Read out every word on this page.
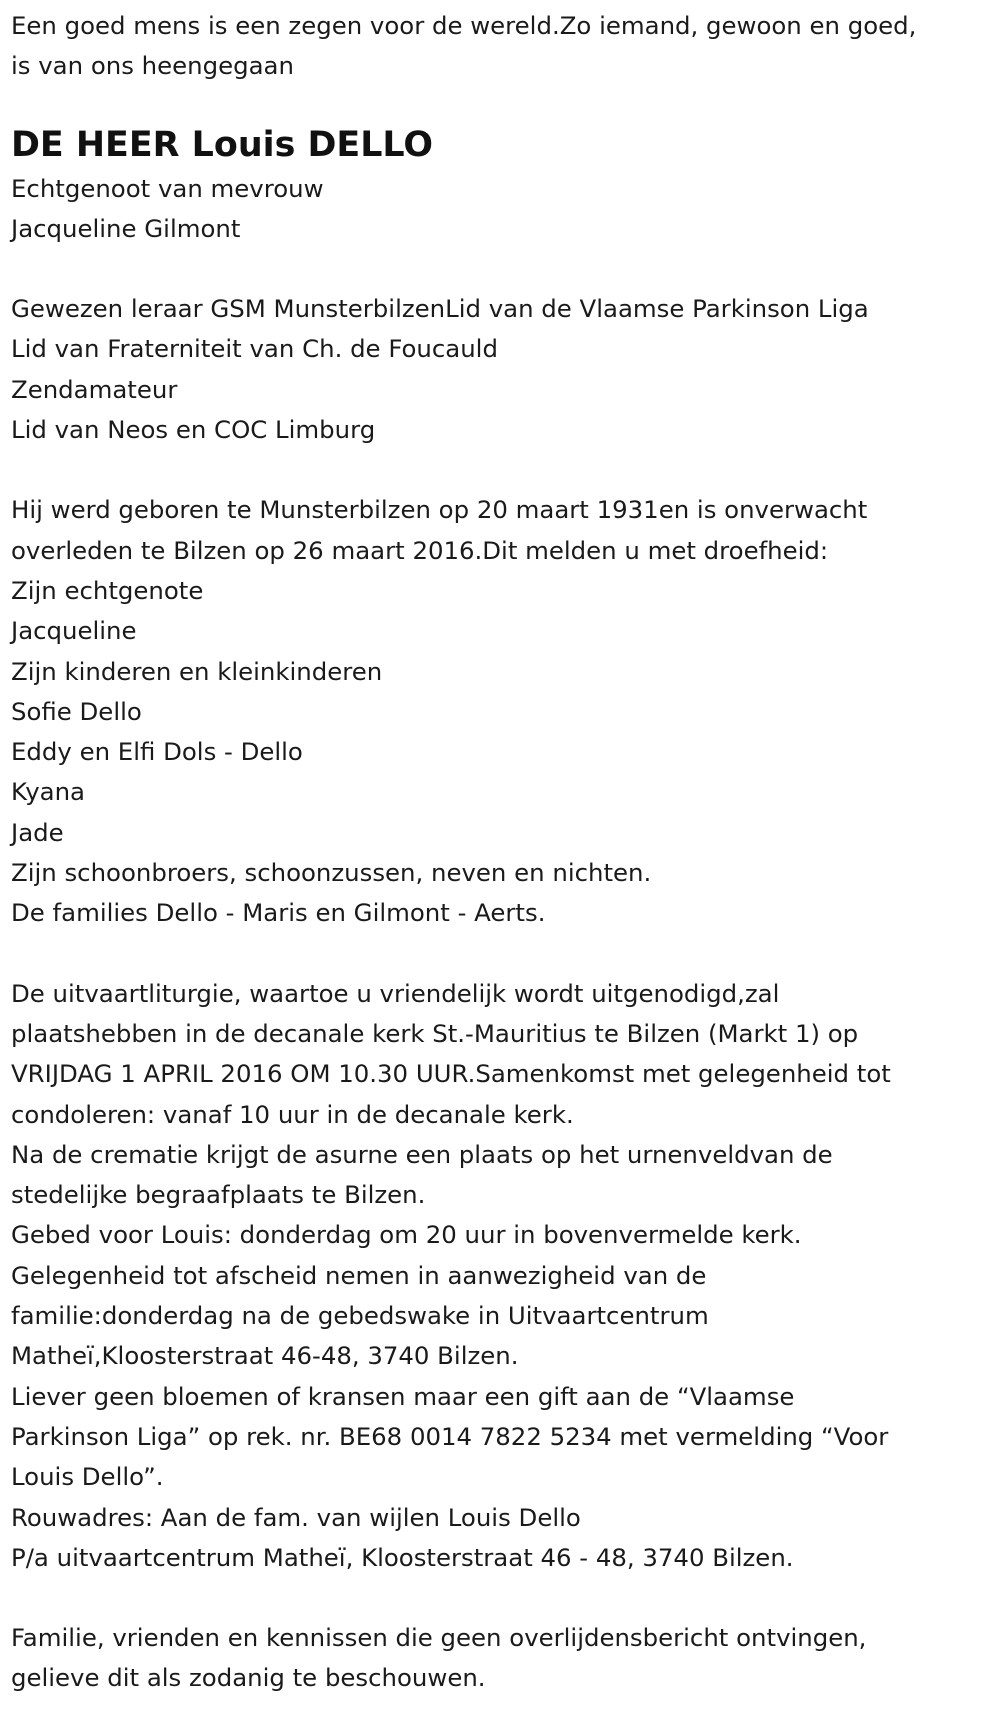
Een goed mens is een zegen voor de wereld.Zo iemand, gewoon en goed,
is van ons heengegaan
DE HEER Louis DELLO
Echtgenoot van mevrouw
Jacqueline Gilmont
Gewezen leraar GSM MunsterbilzenLid van de Vlaamse Parkinson Liga
Lid van Fraterniteit van Ch. de Foucauld
Zendamateur
Lid van Neos en COC Limburg
Hij werd geboren te Munsterbilzen op 20 maart 1931en is onverwacht
overleden te Bilzen op 26 maart 2016.Dit melden u met droefheid:
Zijn echtgenote
Jacqueline
Zijn kinderen en kleinkinderen
Sofie Dello
Eddy en Elfi Dols - Dello
Kyana
Jade
Zijn schoonbroers, schoonzussen, neven en nichten.
De families Dello - Maris en Gilmont - Aerts.
De uitvaartliturgie, waartoe u vriendelijk wordt uitgenodigd,zal
plaatshebben in de decanale kerk St.-Mauritius te Bilzen (Markt 1) op
VRIJDAG 1 APRIL 2016 OM 10.30 UUR.Samenkomst met gelegenheid tot
condoleren: vanaf 10 uur in de decanale kerk.
Na de crematie krijgt de asurne een plaats op het urnenveldvan de
stedelijke begraafplaats te Bilzen.
Gebed voor Louis: donderdag om 20 uur in bovenvermelde kerk.
Gelegenheid tot afscheid nemen in aanwezigheid van de
familie:donderdag na de gebedswake in Uitvaartcentrum
Matheï,Kloosterstraat 46-48, 3740 Bilzen.
Liever geen bloemen of kransen maar een gift aan de “Vlaamse
Parkinson Liga” op rek. nr. BE68 0014 7822 5234 met vermelding “Voor
Louis Dello”.
Rouwadres: Aan de fam. van wijlen Louis Dello
P/a uitvaartcentrum Matheï, Kloosterstraat 46 - 48, 3740 Bilzen.
Familie, vrienden en kennissen die geen overlijdensbericht ontvingen,
gelieve dit als zodanig te beschouwen.
